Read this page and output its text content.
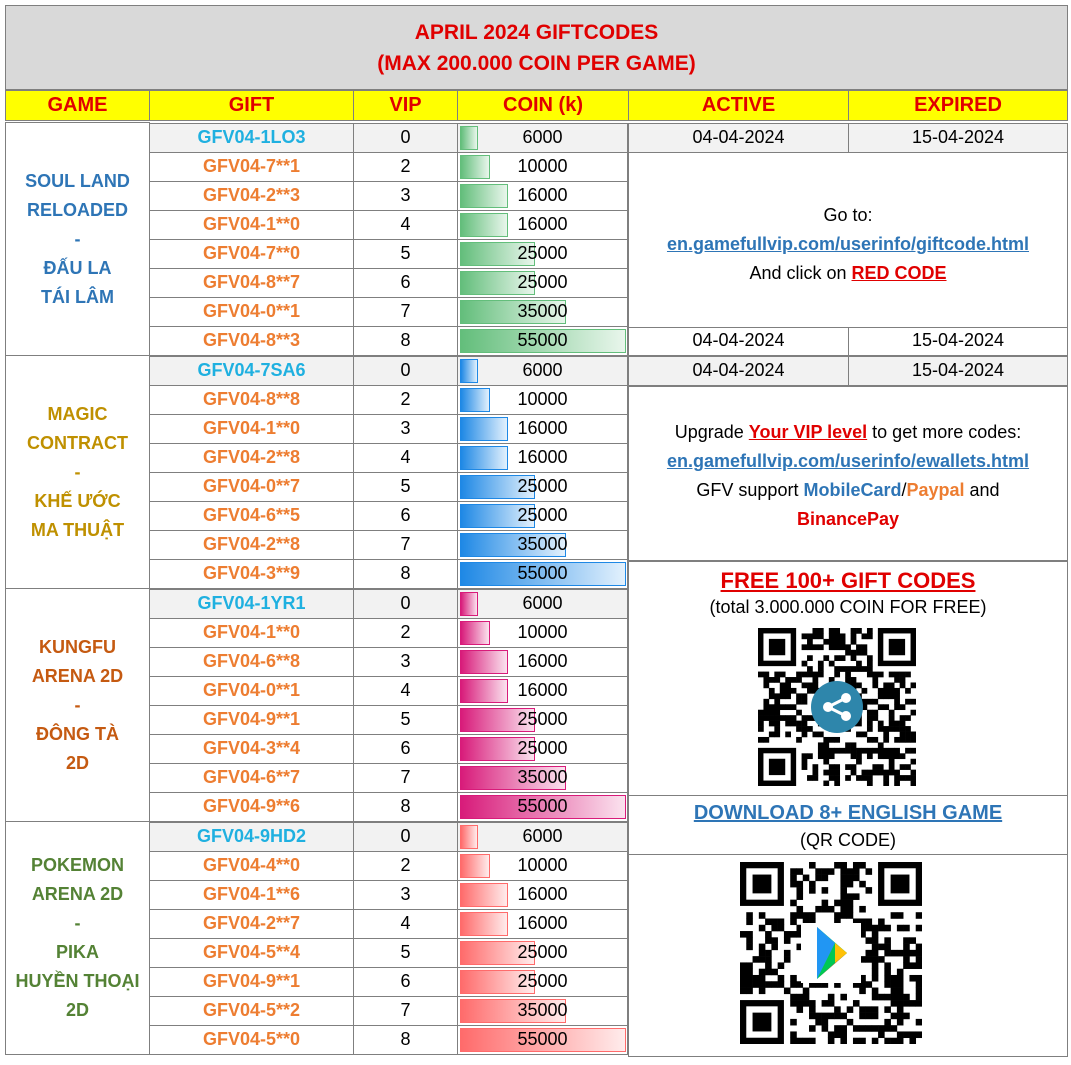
APRIL 2024 GIFTCODES
(MAX 200.000 COIN PER GAME)
GAME	GIFT	VIP	COIN (k)	ACTIVE	EXPIRED
SOUL LAND
RELOADED
-
ĐẤU LA
TÁI LÂM
GFV04-1LO3	0	6000	04-04-2024	15-04-2024
GFV04-7**1	2	10000
GFV04-2**3	3	16000
GFV04-1**0	4	16000
GFV04-7**0	5	25000
GFV04-8**7	6	25000
GFV04-0**1	7	35000
GFV04-8**3	8	55000	04-04-2024	15-04-2024
MAGIC
CONTRACT
-
KHẾ ƯỚC
MA THUẬT
GFV04-7SA6	0	6000	04-04-2024	15-04-2024
GFV04-8**8	2	10000
GFV04-1**0	3	16000
GFV04-2**8	4	16000
GFV04-0**7	5	25000
GFV04-6**5	6	25000
GFV04-2**8	7	35000
GFV04-3**9	8	55000
KUNGFU
ARENA 2D
-
ĐÔNG TÀ
2D
GFV04-1YR1	0	6000
GFV04-1**0	2	10000
GFV04-6**8	3	16000
GFV04-0**1	4	16000
GFV04-9**1	5	25000
GFV04-3**4	6	25000
GFV04-6**7	7	35000
GFV04-9**6	8	55000
POKEMON
ARENA 2D
-
PIKA
HUYỀN THOẠI
2D
GFV04-9HD2	0	6000
GFV04-4**0	2	10000
GFV04-1**6	3	16000
GFV04-2**7	4	16000
GFV04-5**4	5	25000
GFV04-9**1	6	25000
GFV04-5**2	7	35000
GFV04-5**0	8	55000
Go to:
en.gamefullvip.com/userinfo/giftcode.html
And click on RED CODE
Upgrade Your VIP level to get more codes:
en.gamefullvip.com/userinfo/ewallets.html
GFV support MobileCard/Paypal and
BinancePay
FREE 100+ GIFT CODES
(total 3.000.000 COIN FOR FREE)
DOWNLOAD 8+ ENGLISH GAME
(QR CODE)
